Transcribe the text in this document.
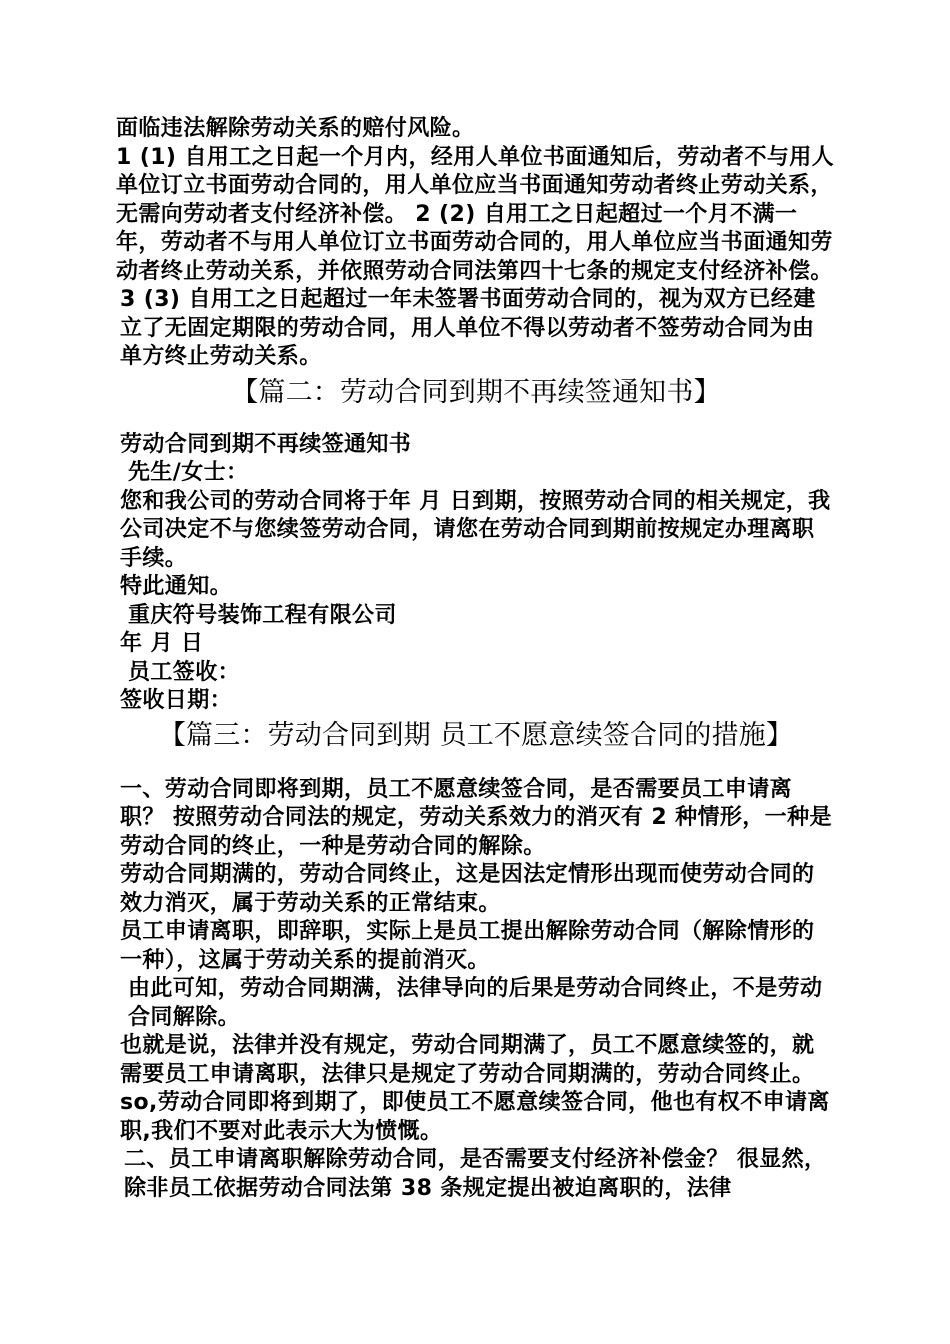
面临违法解除劳动关系的赔付风险。

1 (1) 自用工之日起一个月内，经用人单位书面通知后，劳动者不与用人单位订立书面劳动合同的，用人单位应当书面通知劳动者终止劳动关系，无需向劳动者支付经济补偿。 2 (2) 自用工之日起超过一个月不满一年，劳动者不与用人单位订立书面劳动合同的，用人单位应当书面通知劳动者终止劳动关系，并依照劳动合同法第四十七条的规定支付经济补偿。

3 (3) 自用工之日起超过一年未签署书面劳动合同的，视为双方已经建立了无固定期限的劳动合同，用人单位不得以劳动者不签劳动合同为由单方终止劳动关系。

【篇二：劳动合同到期不再续签通知书】

劳动合同到期不再续签通知书

先生/女士：

您和我公司的劳动合同将于年 月 日到期，按照劳动合同的相关规定，我公司决定不与您续签劳动合同，请您在劳动合同到期前按规定办理离职手续。

特此通知。

重庆符号装饰工程有限公司

年 月 日

员工签收：

签收日期：

【篇三：劳动合同到期 员工不愿意续签合同的措施】

一、劳动合同即将到期，员工不愿意续签合同，是否需要员工申请离职？ 按照劳动合同法的规定，劳动关系效力的消灭有 2 种情形，一种是劳动合同的终止，一种是劳动合同的解除。

劳动合同期满的，劳动合同终止，这是因法定情形出现而使劳动合同的效力消灭，属于劳动关系的正常结束。

员工申请离职，即辞职，实际上是员工提出解除劳动合同（解除情形的一种），这属于劳动关系的提前消灭。

由此可知，劳动合同期满，法律导向的后果是劳动合同终止，不是劳动合同解除。

也就是说，法律并没有规定，劳动合同期满了，员工不愿意续签的，就需要员工申请离职，法律只是规定了劳动合同期满的，劳动合同终止。

so,劳动合同即将到期了，即使员工不愿意续签合同，他也有权不申请离职,我们不要对此表示大为愤慨。

二、员工申请离职解除劳动合同，是否需要支付经济补偿金？ 很显然，除非员工依据劳动合同法第 38 条规定提出被迫离职的，法律
